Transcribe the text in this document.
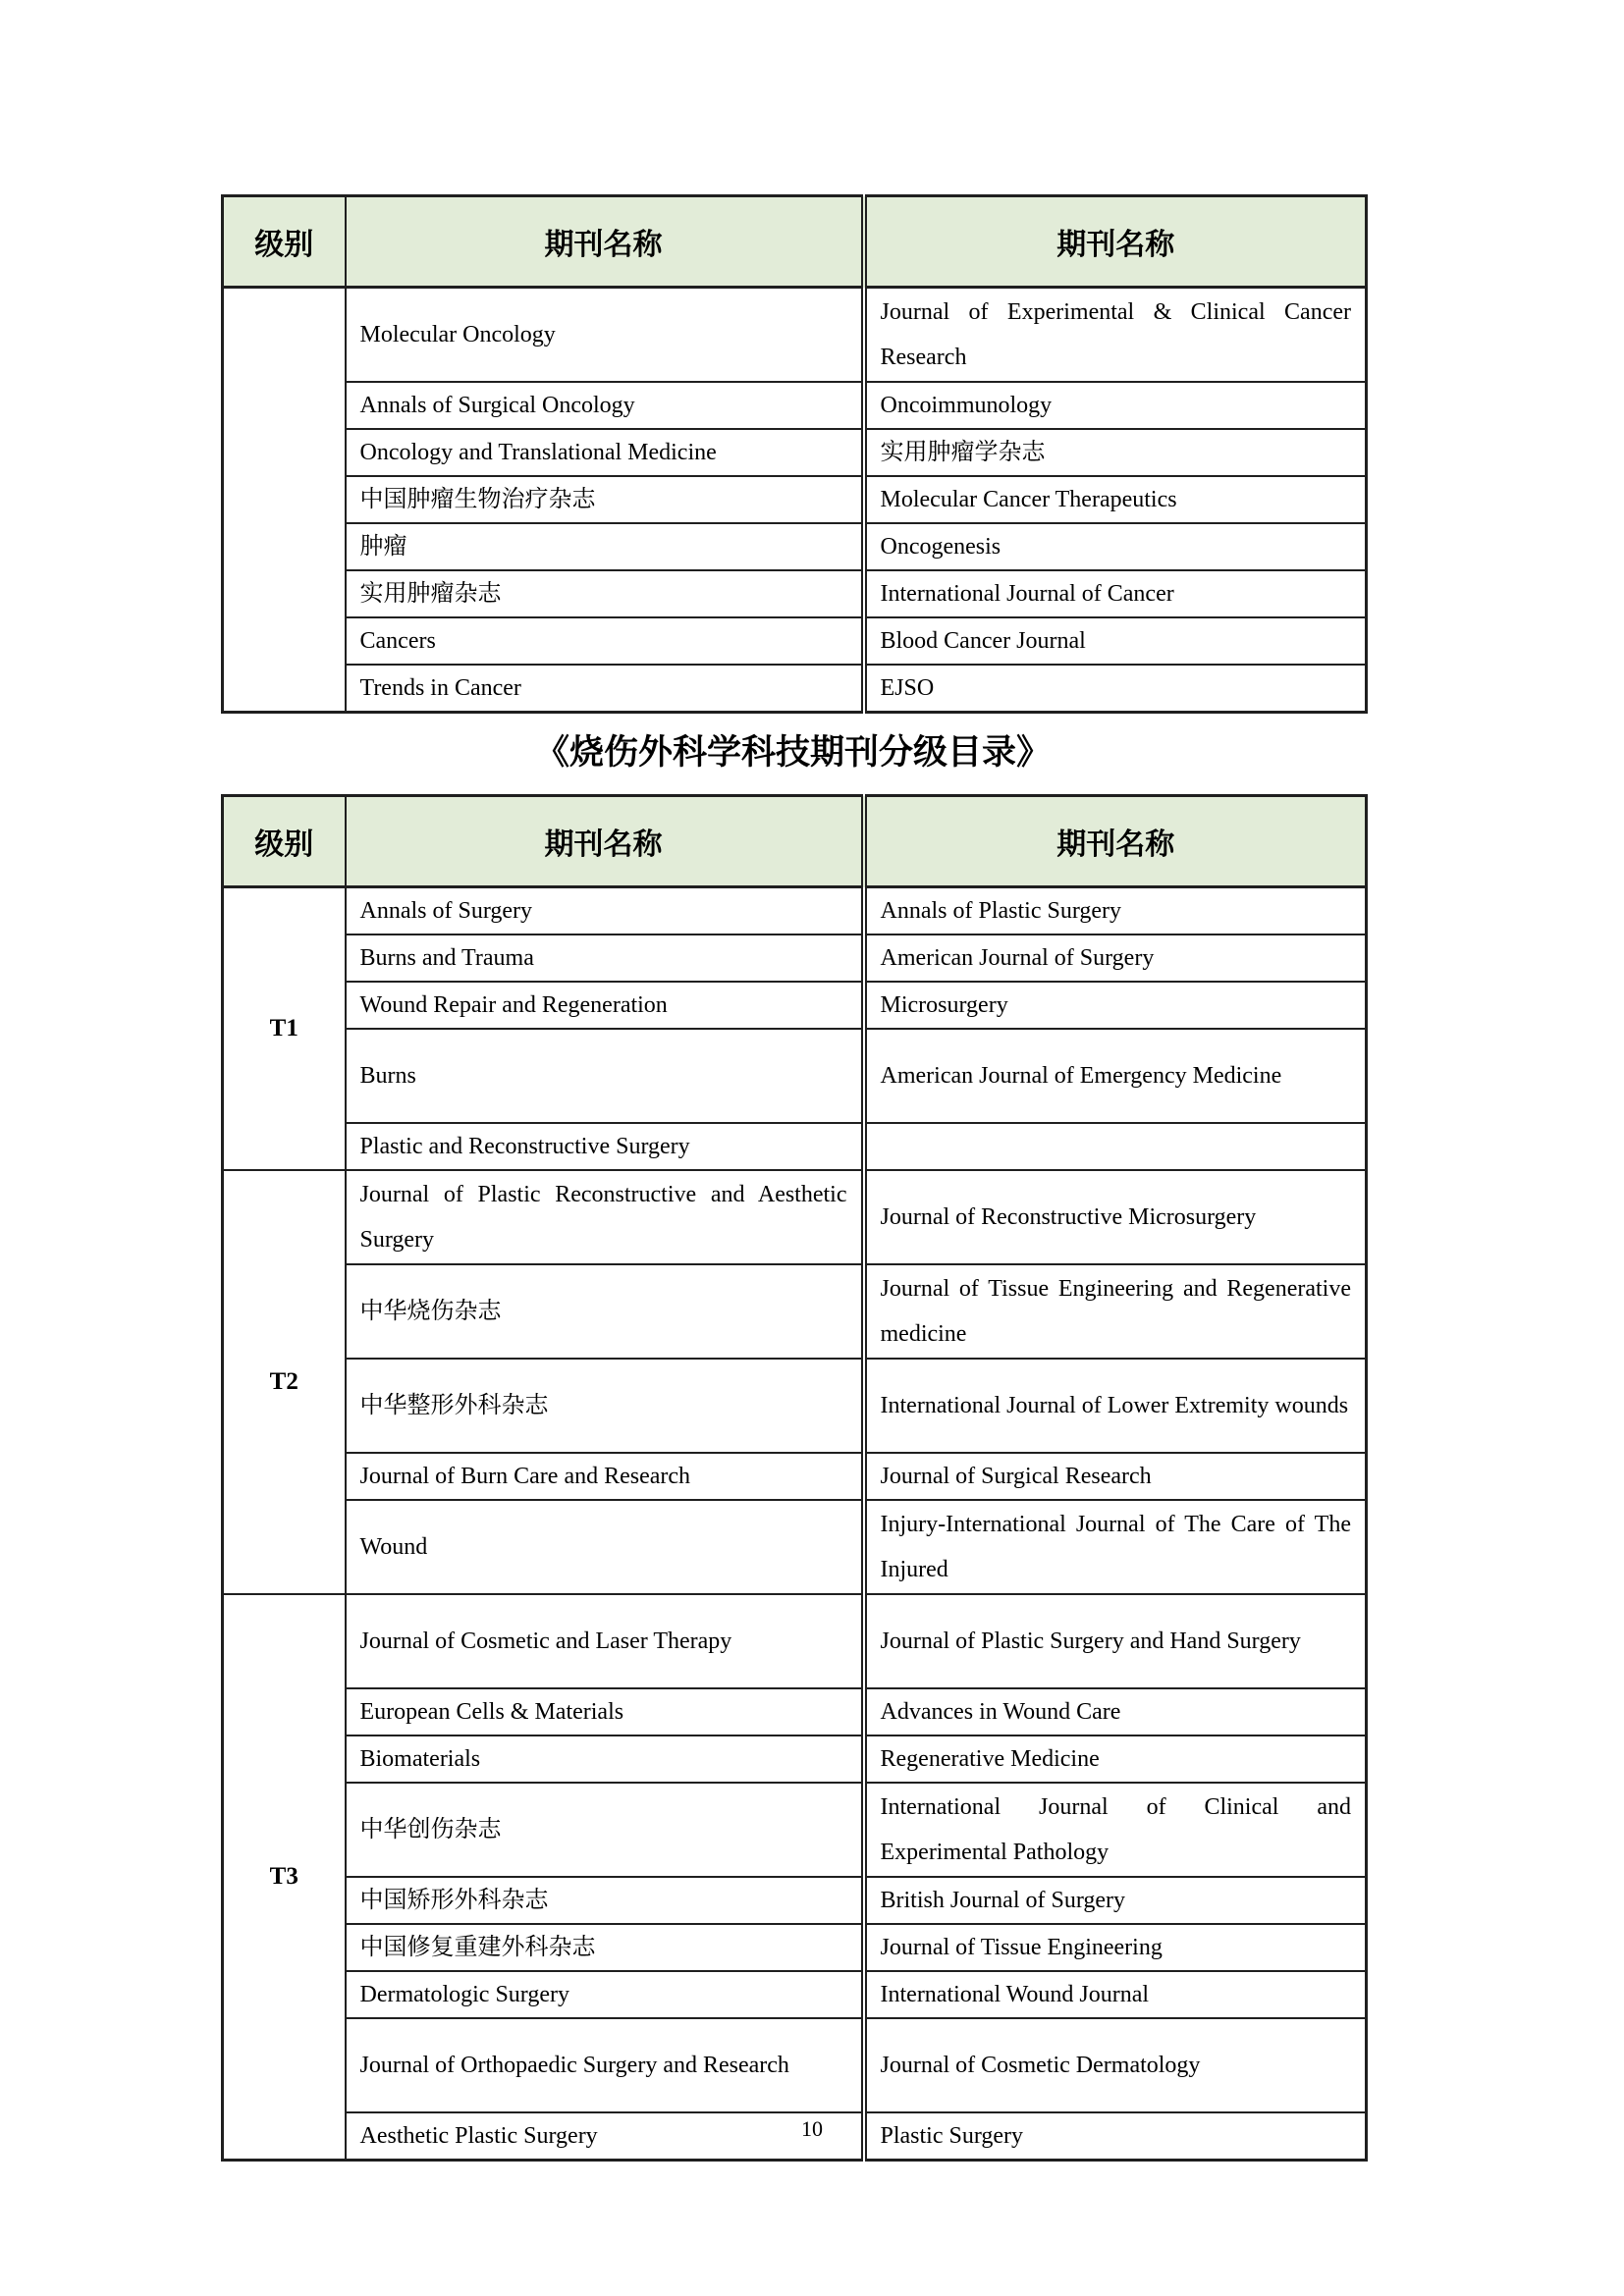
级别	期刊名称	期刊名称
	Molecular Oncology	Journal of Experimental & Clinical Cancer Research
	Annals of Surgical Oncology	Oncoimmunology
	Oncology and Translational Medicine	实用肿瘤学杂志
	中国肿瘤生物治疗杂志	Molecular Cancer Therapeutics
	肿瘤	Oncogenesis
	实用肿瘤杂志	International Journal of Cancer
	Cancers	Blood Cancer Journal
	Trends in Cancer	EJSO
《烧伤外科学科技期刊分级目录》
级别	期刊名称	期刊名称
T1	Annals of Surgery	Annals of Plastic Surgery
	Burns and Trauma	American Journal of Surgery
	Wound Repair and Regeneration	Microsurgery
	Burns	American Journal of Emergency Medicine
	Plastic and Reconstructive Surgery	
T2	Journal of Plastic Reconstructive and Aesthetic Surgery	Journal of Reconstructive Microsurgery
	中华烧伤杂志	Journal of Tissue Engineering and Regenerative medicine
	中华整形外科杂志	International Journal of Lower Extremity wounds
	Journal of Burn Care and Research	Journal of Surgical Research
	Wound	Injury-International Journal of The Care of The Injured
T3	Journal of Cosmetic and Laser Therapy	Journal of Plastic Surgery and Hand Surgery
	European Cells & Materials	Advances in Wound Care
	Biomaterials	Regenerative Medicine
	中华创伤杂志	International Journal of Clinical and Experimental Pathology
	中国矫形外科杂志	British Journal of Surgery
	中国修复重建外科杂志	Journal of Tissue Engineering
	Dermatologic Surgery	International Wound Journal
	Journal of Orthopaedic Surgery and Research	Journal of Cosmetic Dermatology
	Aesthetic Plastic Surgery	Plastic Surgery
10
